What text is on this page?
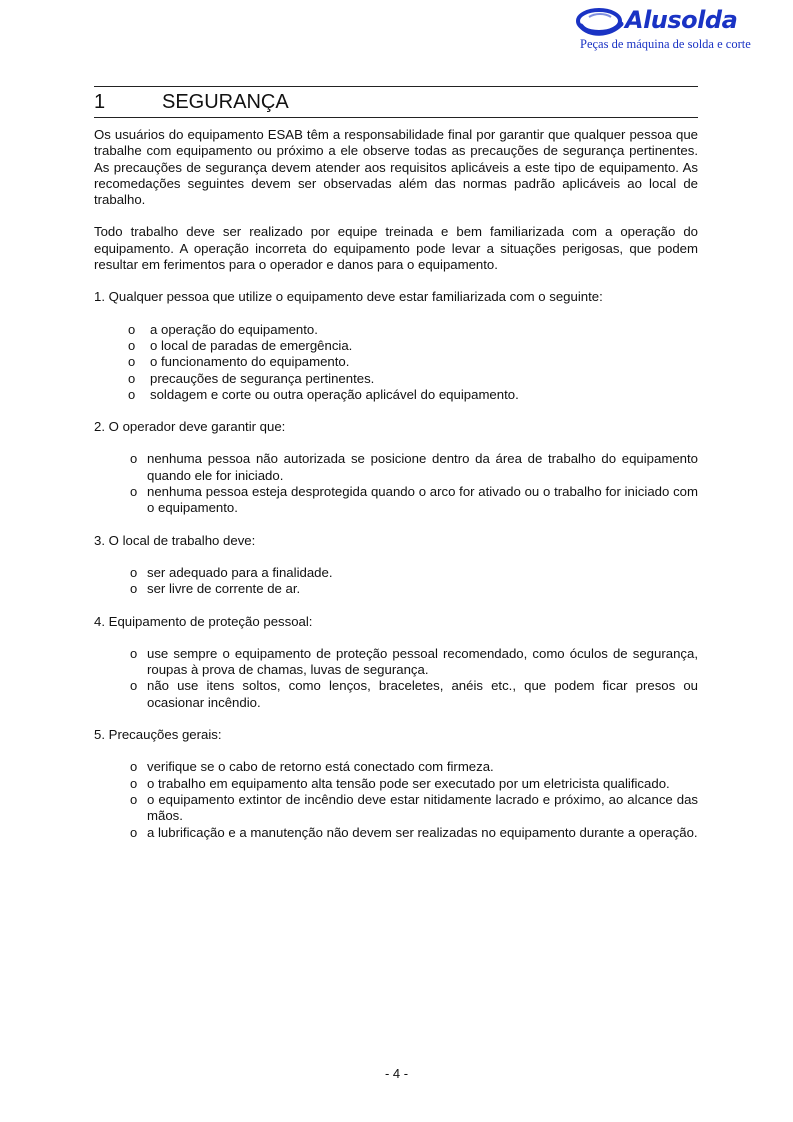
Alusolda
Peças de máquina de solda e corte
1	SEGURANÇA

Os usuários do equipamento ESAB têm a responsabilidade final por garantir que qualquer pessoa que trabalhe com equipamento ou próximo a ele observe todas as precauções de segurança pertinentes. As precauções de segurança devem atender aos requisitos aplicáveis a este tipo de equipamento. As recomedações seguintes devem ser observadas além das normas padrão aplicáveis ao local de trabalho.

Todo trabalho deve ser realizado por equipe treinada e bem familiarizada com a operação do equipamento. A operação incorreta do equipamento pode levar a situações perigosas, que podem resultar em ferimentos para o operador e danos para o equipamento.

1. Qualquer pessoa que utilize o equipamento deve estar familiarizada com o seguinte:
o a operação do equipamento.
o o local de paradas de emergência.
o o funcionamento do equipamento.
o precauções de segurança pertinentes.
o soldagem e corte ou outra operação aplicável do equipamento.
2. O operador deve garantir que:
o nenhuma pessoa não autorizada se posicione dentro da área de trabalho do equipamento quando ele for iniciado.
o nenhuma pessoa esteja desprotegida quando o arco for ativado ou o trabalho for iniciado com o equipamento.
3. O local de trabalho deve:
o ser adequado para a finalidade.
o ser livre de corrente de ar.
4. Equipamento de proteção pessoal:
o use sempre o equipamento de proteção pessoal recomendado, como óculos de segurança, roupas à prova de chamas, luvas de segurança.
o não use itens soltos, como lenços, braceletes, anéis etc., que podem ficar presos ou ocasionar incêndio.
5. Precauções gerais:
o verifique se o cabo de retorno está conectado com firmeza.
o o trabalho em equipamento alta tensão pode ser executado por um eletricista qualificado.
o o equipamento extintor de incêndio deve estar nitidamente lacrado e próximo, ao alcance das mãos.
o a lubrificação e a manutenção não devem ser realizadas no equipamento durante a operação.
- 4 -
